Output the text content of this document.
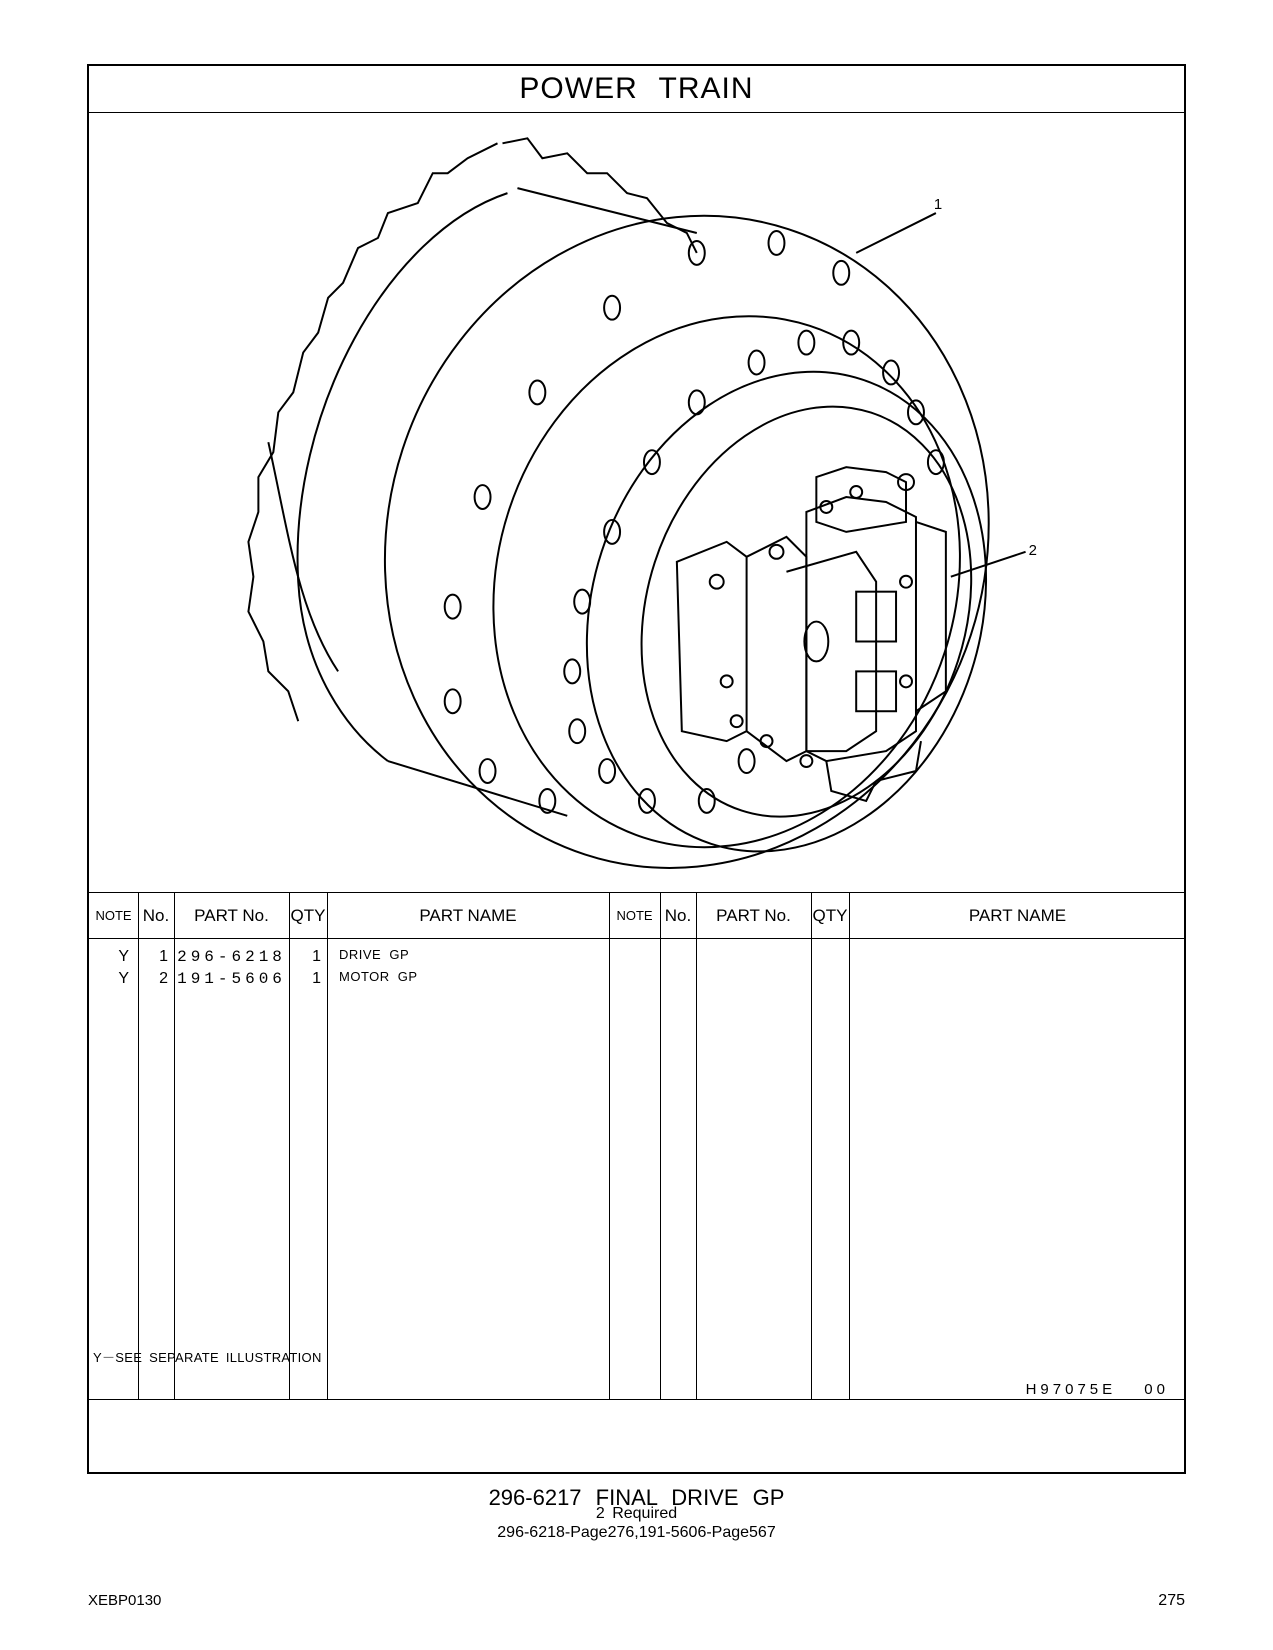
POWER TRAIN
1
2
NOTE No.	PART No.	QTY	PART NAME	NOTE No.	PART No.	QTY	PART NAME
Y	1 296-6218	1 DRIVE GP
Y	2 191-5606	1 MOTOR GP
Y－SEE SEPARATE ILLUSTRATION
H97075E 00
296-6217 FINAL DRIVE GP
2 Required
296-6218-Page276,191-5606-Page567
XEBP0130	275
